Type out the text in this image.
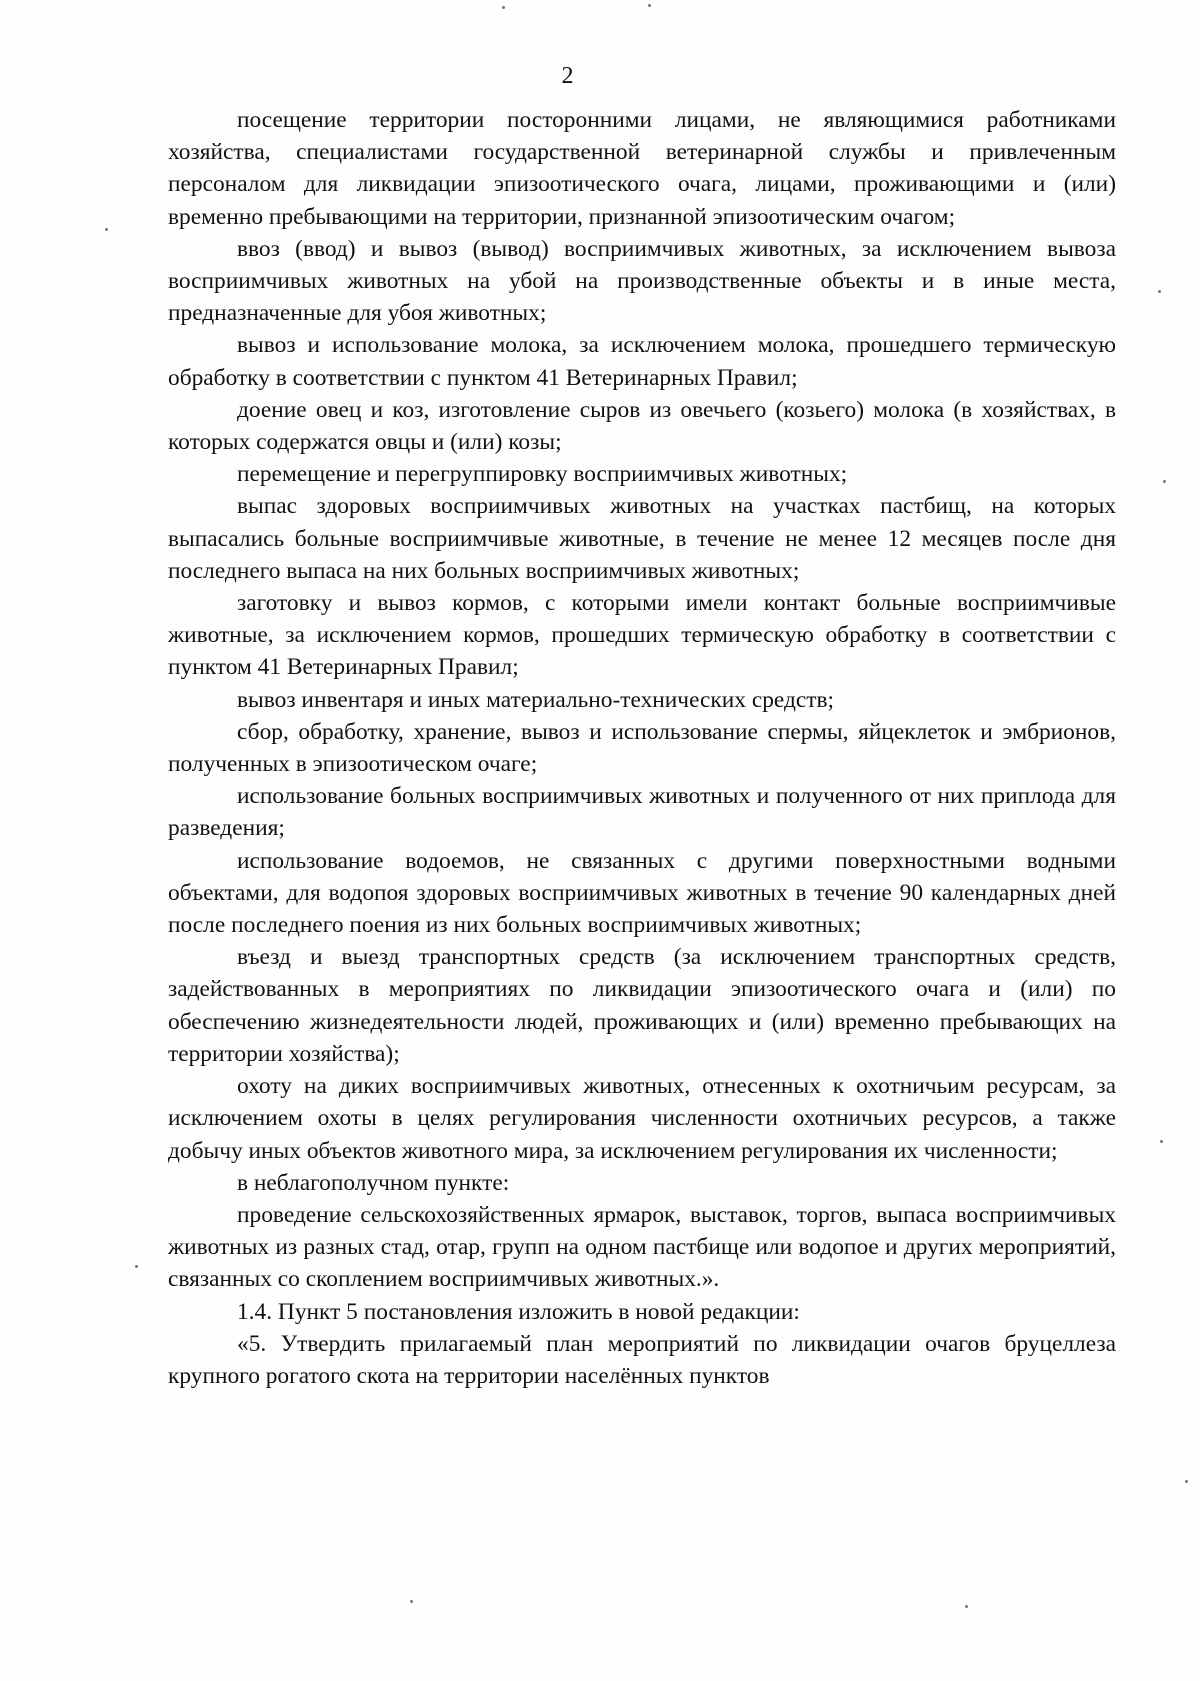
2

посещение территории посторонними лицами, не являющимися работниками хозяйства, специалистами государственной ветеринарной службы и привлеченным персоналом для ликвидации эпизоотического очага, лицами, проживающими и (или) временно пребывающими на территории, признанной эпизоотическим очагом;

ввоз (ввод) и вывоз (вывод) восприимчивых животных, за исключением вывоза восприимчивых животных на убой на производственные объекты и в иные места, предназначенные для убоя животных;

вывоз и использование молока, за исключением молока, прошедшего термическую обработку в соответствии с пунктом 41 Ветеринарных Правил;

доение овец и коз, изготовление сыров из овечьего (козьего) молока (в хозяйствах, в которых содержатся овцы и (или) козы;

перемещение и перегруппировку восприимчивых животных;

выпас здоровых восприимчивых животных на участках пастбищ, на которых выпасались больные восприимчивые животные, в течение не менее 12 месяцев после дня последнего выпаса на них больных восприимчивых животных;

заготовку и вывоз кормов, с которыми имели контакт больные восприимчивые животные, за исключением кормов, прошедших термическую обработку в соответствии с пунктом 41 Ветеринарных Правил;

вывоз инвентаря и иных материально-технических средств;

сбор, обработку, хранение, вывоз и использование спермы, яйцеклеток и эмбрионов, полученных в эпизоотическом очаге;

использование больных восприимчивых животных и полученного от них приплода для разведения;

использование водоемов, не связанных с другими поверхностными водными объектами, для водопоя здоровых восприимчивых животных в течение 90 календарных дней после последнего поения из них больных восприимчивых животных;

въезд и выезд транспортных средств (за исключением транспортных средств, задействованных в мероприятиях по ликвидации эпизоотического очага и (или) по обеспечению жизнедеятельности людей, проживающих и (или) временно пребывающих на территории хозяйства);

охоту на диких восприимчивых животных, отнесенных к охотничьим ресурсам, за исключением охоты в целях регулирования численности охотничьих ресурсов, а также добычу иных объектов животного мира, за исключением регулирования их численности;

в неблагополучном пункте:

проведение сельскохозяйственных ярмарок, выставок, торгов, выпаса восприимчивых животных из разных стад, отар, групп на одном пастбище или водопое и других мероприятий, связанных со скоплением восприимчивых животных.».

1.4. Пункт 5 постановления изложить в новой редакции:

«5. Утвердить прилагаемый план мероприятий по ликвидации очагов бруцеллеза крупного рогатого скота на территории населённых пунктов
